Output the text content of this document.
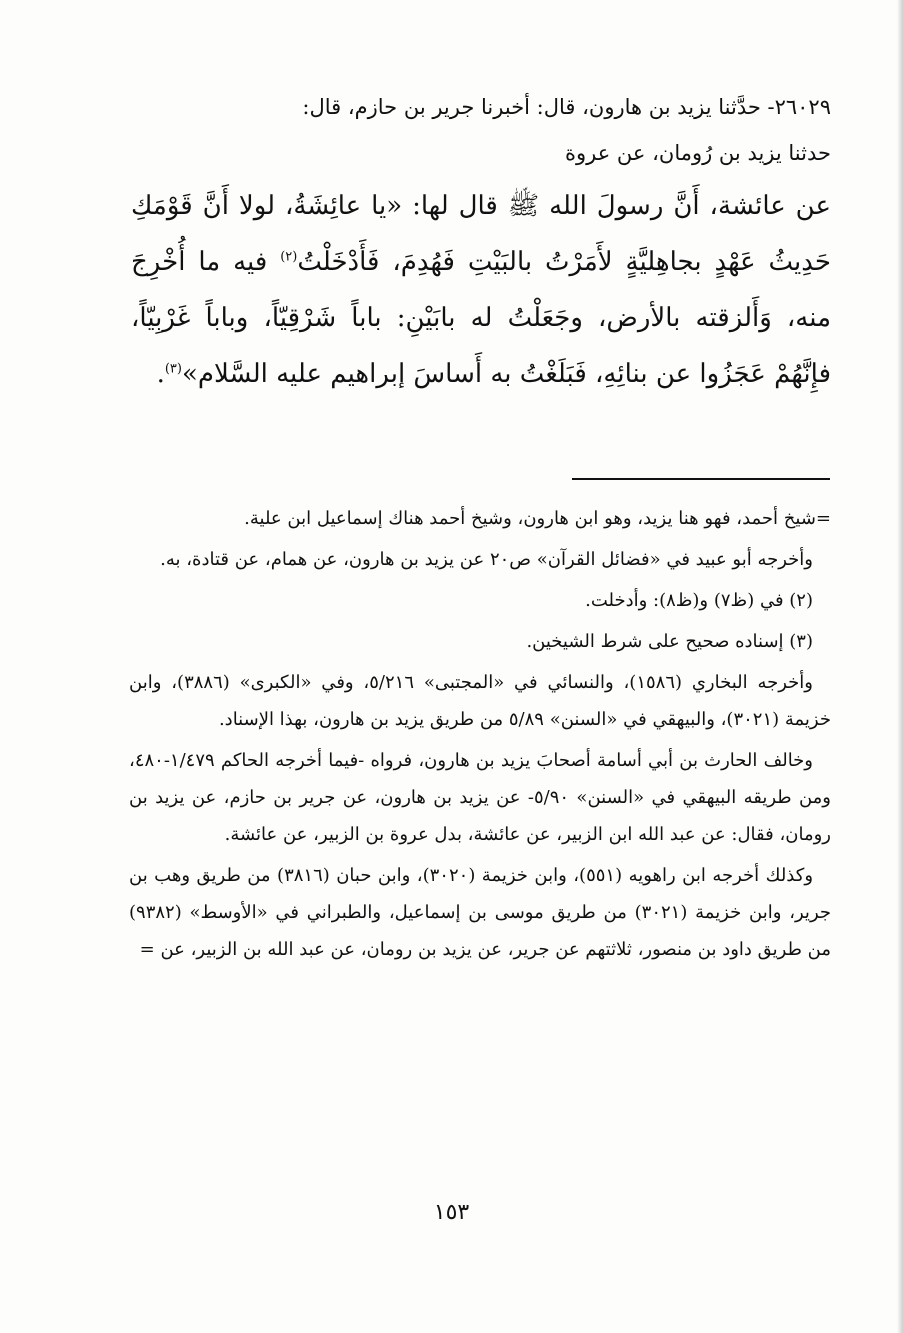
٢٦٠٢٩- حدَّثنا يزيد بن هارون، قال: أخبرنا جرير بن حازم، قال:

حدثنا يزيد بن رُومان، عن عروة

عن عائشة، أَنَّ رسولَ الله ﷺ قال لها: «يا عائِشَةُ، لولا أَنَّ قَوْمَكِ حَدِيثُ عَهْدٍ بجاهِليَّةٍ لأَمَرْتُ بالبَيْتِ فَهُدِمَ، فَأَدْخَلْتُ$^{(٢)}$ فيه ما أُخْرِجَ منه، وَأَلزقته بالأرض، وجَعَلْتُ له بابَيْنِ: باباً شَرْقِيّاً، وباباً غَرْبِيّاً، فإِنَّهُمْ عَجَزُوا عن بنائِهِ، فَبَلَغْتُ به أَساسَ إبراهيم عليه السَّلام»$^{(٣)}$.

=شيخ أحمد، فهو هنا يزيد، وهو ابن هارون، وشيخ أحمد هناك إسماعيل ابن علية.

وأخرجه أبو عبيد في «فضائل القرآن» ص٢٠ عن يزيد بن هارون، عن همام، عن قتادة، به.

(٢) في (ظ٧) و(ظ٨): وأدخلت.

(٣) إسناده صحيح على شرط الشيخين.

وأخرجه البخاري (١٥٨٦)، والنسائي في «المجتبى» ٥/٢١٦، وفي «الكبرى» (٣٨٨٦)، وابن خزيمة (٣٠٢١)، والبيهقي في «السنن» ٥/٨٩ من طريق يزيد بن هارون، بهذا الإسناد.

وخالف الحارث بن أبي أسامة أصحابَ يزيد بن هارون، فرواه -فيما أخرجه الحاكم ١/٤٧٩-٤٨٠، ومن طريقه البيهقي في «السنن» ٥/٩٠- عن يزيد بن هارون، عن جرير بن حازم، عن يزيد بن رومان، فقال: عن عبد الله ابن الزبير، عن عائشة، بدل عروة بن الزبير، عن عائشة.

وكذلك أخرجه ابن راهويه (٥٥١)، وابن خزيمة (٣٠٢٠)، وابن حبان (٣٨١٦) من طريق وهب بن جرير، وابن خزيمة (٣٠٢١) من طريق موسى بن إسماعيل، والطبراني في «الأوسط» (٩٣٨٢) من طريق داود بن منصور، ثلاثتهم عن جرير، عن يزيد بن رومان، عن عبد الله بن الزبير، عن =

١٥٣
